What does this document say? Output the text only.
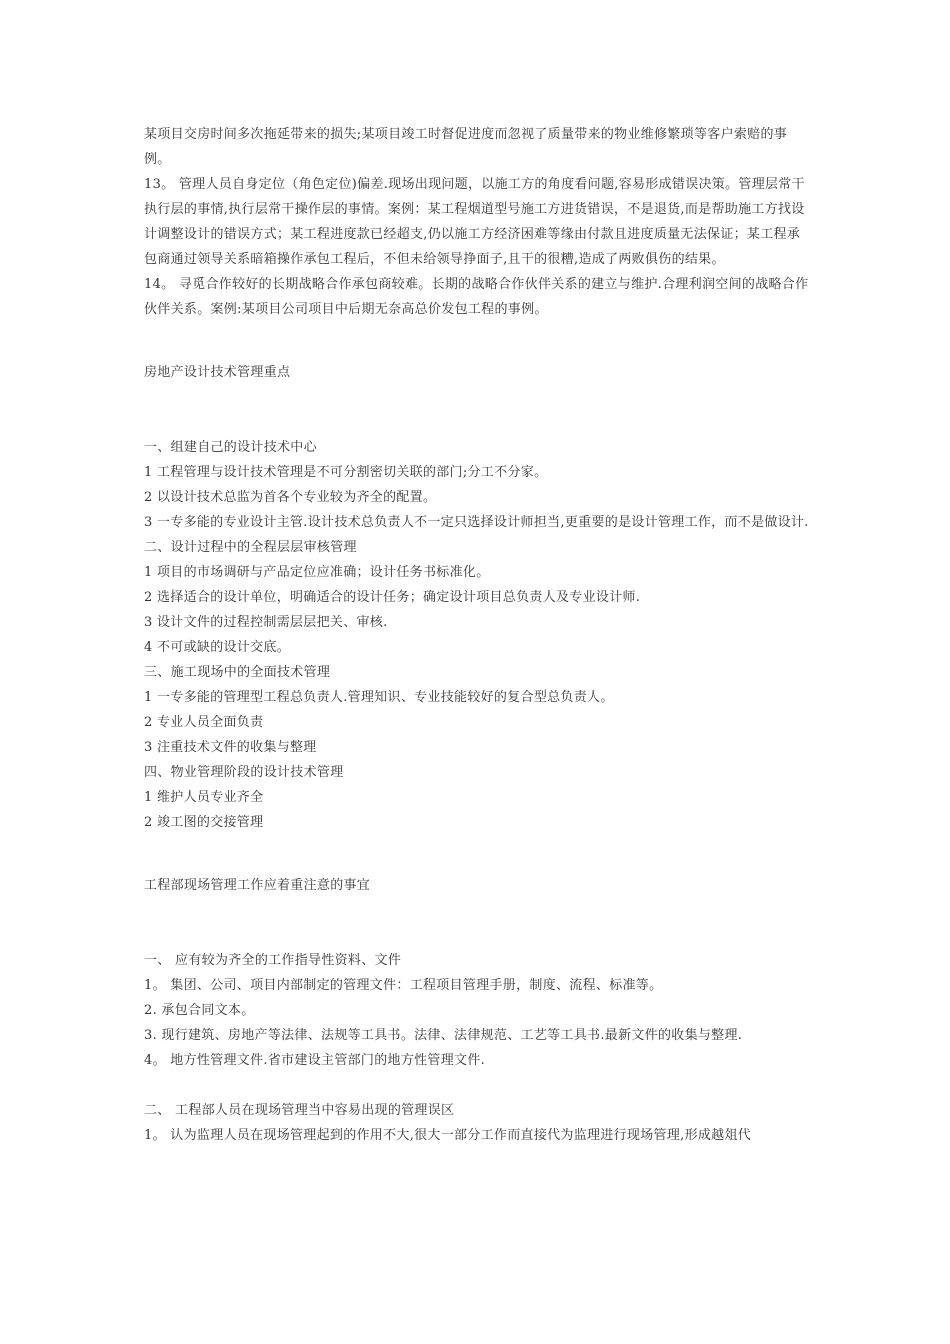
某项目交房时间多次拖延带来的损失;某项目竣工时督促进度而忽视了质量带来的物业维修繁琐等客户索赔的事例。

13。 管理人员自身定位（角色定位)偏差.现场出现问题，以施工方的角度看问题,容易形成错误决策。管理层常干执行层的事情,执行层常干操作层的事情。案例：某工程烟道型号施工方进货错误，不是退货,而是帮助施工方找设计调整设计的错误方式；某工程进度款已经超支,仍以施工方经济困难等缘由付款且进度质量无法保证；某工程承包商通过领导关系暗箱操作承包工程后，不但未给领导挣面子,且干的很糟,造成了两败俱伤的结果。

14。 寻觅合作较好的长期战略合作承包商较难。长期的战略合作伙伴关系的建立与维护.合理利润空间的战略合作伙伴关系。案例:某项目公司项目中后期无奈高总价发包工程的事例。

房地产设计技术管理重点

一、组建自己的设计技术中心

1 工程管理与设计技术管理是不可分割密切关联的部门;分工不分家。

2 以设计技术总监为首各个专业较为齐全的配置。

3 一专多能的专业设计主管.设计技术总负责人不一定只选择设计师担当,更重要的是设计管理工作，而不是做设计.

二、设计过程中的全程层层审核管理

1 项目的市场调研与产品定位应准确；设计任务书标准化。

2 选择适合的设计单位，明确适合的设计任务；确定设计项目总负责人及专业设计师.

3 设计文件的过程控制需层层把关、审核.

4 不可或缺的设计交底。

三、施工现场中的全面技术管理

1 一专多能的管理型工程总负责人.管理知识、专业技能较好的复合型总负责人。

2 专业人员全面负责

3 注重技术文件的收集与整理

四、物业管理阶段的设计技术管理

1 维护人员专业齐全

2 竣工图的交接管理

工程部现场管理工作应着重注意的事宜

一、 应有较为齐全的工作指导性资料、文件

1。 集团、公司、项目内部制定的管理文件：工程项目管理手册，制度、流程、标准等。

2. 承包合同文本。

3. 现行建筑、房地产等法律、法规等工具书。法律、法律规范、工艺等工具书.最新文件的收集与整理.

4。 地方性管理文件.省市建设主管部门的地方性管理文件.

二、 工程部人员在现场管理当中容易出现的管理误区

1。 认为监理人员在现场管理起到的作用不大,很大一部分工作而直接代为监理进行现场管理,形成越俎代
